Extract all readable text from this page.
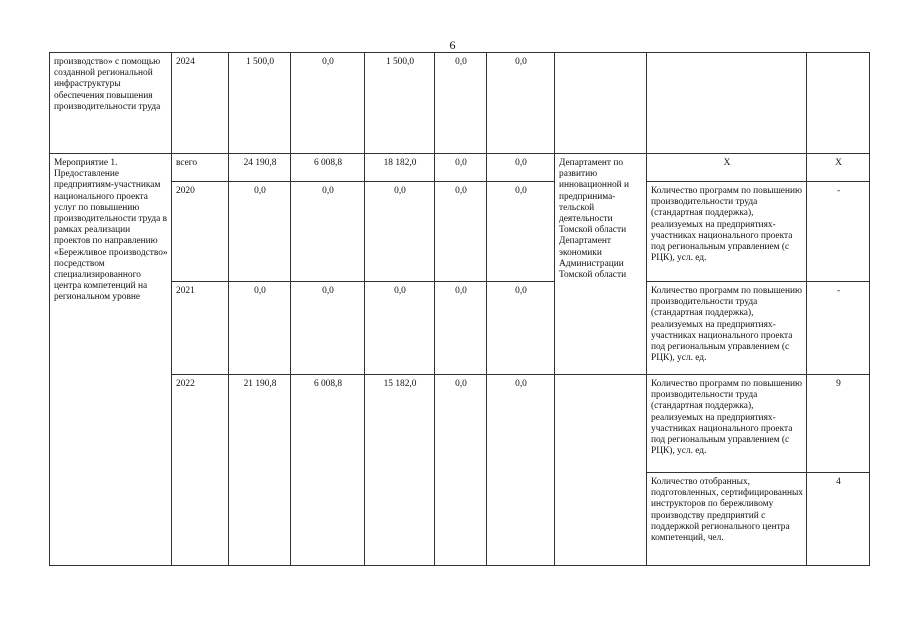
6
производство» с помощью созданной региональной инфраструктуры обеспечения повышения производительности труда	2024	1 500,0	0,0	1 500,0	0,0	0,0			
Мероприятие 1. Предоставление предприятиям-участникам национального проекта услуг по повышению производительности труда в рамках реализации проектов по направлению «Бережливое производство» посредством специализированного центра компетенций на региональном уровне	всего	24 190,8	6 008,8	18 182,0	0,0	0,0	Департамент по развитию инновационной и предпринима-тельской деятельности Томской области Департамент экономики Администрации Томской области	Х	Х
	2020	0,0	0,0	0,0	0,0	0,0		Количество программ по повышению производительности труда (стандартная поддержка), реализуемых на предприятиях-участниках национального проекта под региональным управлением (с РЦК), усл. ед.	-
	2021	0,0	0,0	0,0	0,0	0,0		Количество программ по повышению производительности труда (стандартная поддержка), реализуемых на предприятиях-участниках национального проекта под региональным управлением (с РЦК), усл. ед.	-
	2022	21 190,8	6 008,8	15 182,0	0,0	0,0		Количество программ по повышению производительности труда (стандартная поддержка), реализуемых на предприятиях-участниках национального проекта под региональным управлением (с РЦК), усл. ед.	9
								Количество отобранных, подготовленных, сертифицированных инструкторов по бережливому производству предприятий с поддержкой регионального центра компетенций, чел.	4
